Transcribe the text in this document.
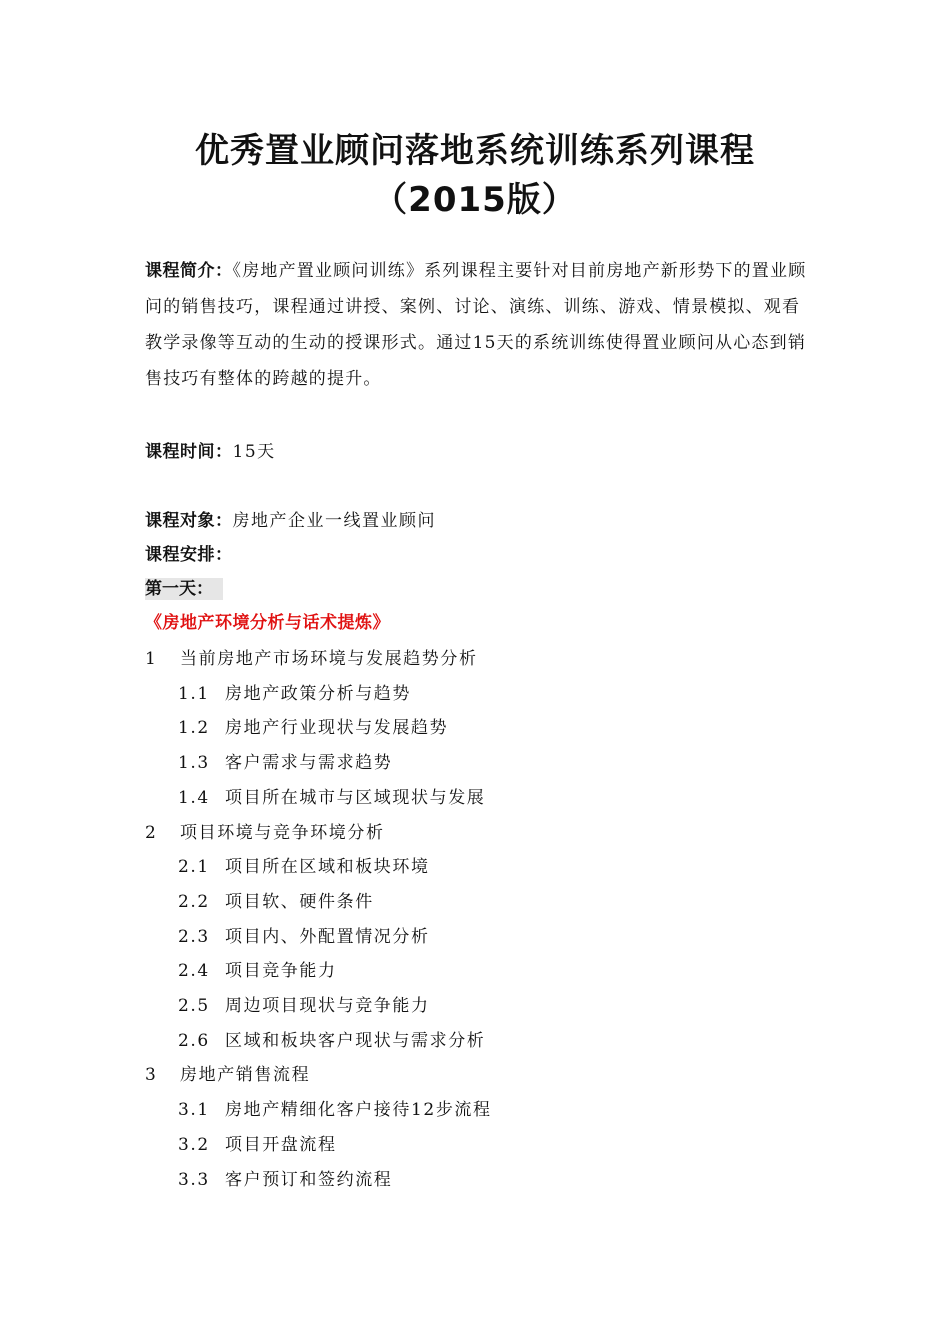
优秀置业顾问落地系统训练系列课程
（2015版）
课程简介：《房地产置业顾问训练》系列课程主要针对目前房地产新形势下的置业顾问的销售技巧，课程通过讲授、案例、讨论、演练、训练、游戏、情景模拟、观看教学录像等互动的生动的授课形式。通过15天的系统训练使得置业顾问从心态到销售技巧有整体的跨越的提升。
课程时间：15天
课程对象：房地产企业一线置业顾问
课程安排：
第一天：
《房地产环境分析与话术提炼》
1 当前房地产市场环境与发展趋势分析
1.1 房地产政策分析与趋势
1.2 房地产行业现状与发展趋势
1.3 客户需求与需求趋势
1.4 项目所在城市与区域现状与发展
2 项目环境与竞争环境分析
2.1 项目所在区域和板块环境
2.2 项目软、硬件条件
2.3 项目内、外配置情况分析
2.4 项目竞争能力
2.5 周边项目现状与竞争能力
2.6 区域和板块客户现状与需求分析
3 房地产销售流程
3.1 房地产精细化客户接待12步流程
3.2 项目开盘流程
3.3 客户预订和签约流程
